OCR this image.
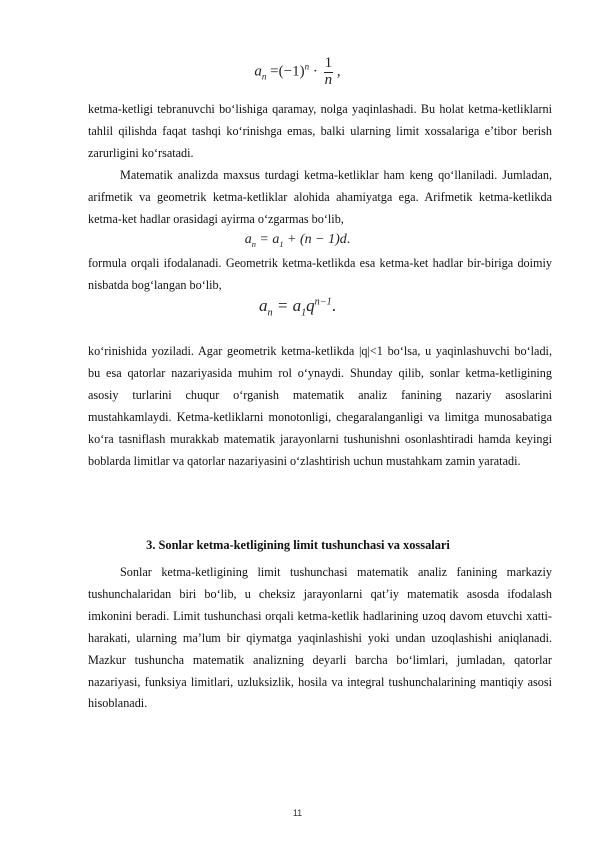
$a_n =(-1)^n \cdot \frac{1}{n}$ ,

ketma-ketligi tebranuvchi bo‘lishiga qaramay, nolga yaqinlashadi. Bu holat ketma-ketliklarni tahlil qilishda faqat tashqi ko‘rinishga emas, balki ularning limit xossalariga e’tibor berish zarurligini ko‘rsatadi.

Matematik analizda maxsus turdagi ketma-ketliklar ham keng qo‘llaniladi. Jumladan, arifmetik va geometrik ketma-ketliklar alohida ahamiyatga ega. Arifmetik ketma-ketlikda ketma-ket hadlar orasidagi ayirma o‘zgarmas bo‘lib,

$a_n = a_1 + (n - 1)d$.

formula orqali ifodalanadi. Geometrik ketma-ketlikda esa ketma-ket hadlar bir-biriga doimiy nisbatda bog‘langan bo‘lib,

$a_n = a_1q^{n-1}$.

ko‘rinishida yoziladi. Agar geometrik ketma-ketlikda |q|<1 bo‘lsa, u yaqinlashuvchi bo‘ladi, bu esa qatorlar nazariyasida muhim rol o‘ynaydi. Shunday qilib, sonlar ketma-ketligining asosiy turlarini chuqur o‘rganish matematik analiz fanining nazariy asoslarini mustahkamlaydi. Ketma-ketliklarni monotonligi, chegaralanganligi va limitga munosabatiga ko‘ra tasniflash murakkab matematik jarayonlarni tushunishni osonlashtiradi hamda keyingi boblarda limitlar va qatorlar nazariyasini o‘zlashtirish uchun mustahkam zamin yaratadi.

3. Sonlar ketma-ketligining limit tushunchasi va xossalari

Sonlar ketma-ketligining limit tushunchasi matematik analiz fanining markaziy tushunchalaridan biri bo‘lib, u cheksiz jarayonlarni qat’iy matematik asosda ifodalash imkonini beradi. Limit tushunchasi orqali ketma-ketlik hadlarining uzoq davom etuvchi xatti-harakati, ularning ma’lum bir qiymatga yaqinlashishi yoki undan uzoqlashishi aniqlanadi. Mazkur tushuncha matematik analizning deyarli barcha bo‘limlari, jumladan, qatorlar nazariyasi, funksiya limitlari, uzluksizlik, hosila va integral tushunchalarining mantiqiy asosi hisoblanadi.

11
